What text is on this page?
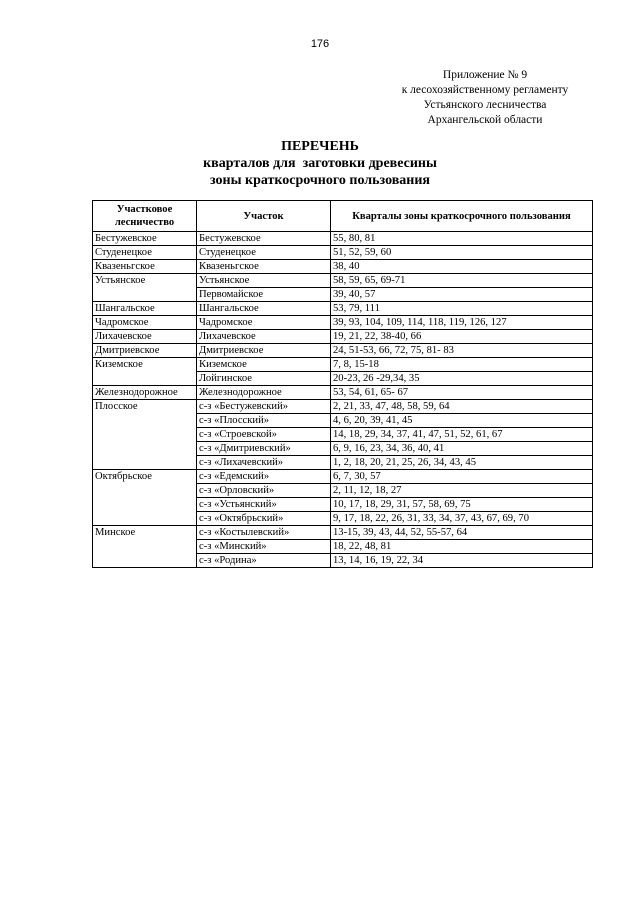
176
Приложение № 9
к лесохозяйственному регламенту
Устьянского лесничества
Архангельской области
ПЕРЕЧЕНЬ
кварталов для  заготовки древесины
зоны краткосрочного пользования
Участковое лесничество	Участок	Кварталы зоны краткосрочного пользования
Бестужевское	Бестужевское	55, 80, 81
Студенецкое	Студенецкое	51, 52, 59, 60
Квазеньгское	Квазеньгское	38, 40
Устьянское	Устьянское	58, 59, 65, 69-71
	Первомайское	39, 40, 57
Шангальское	Шангальское	53, 79, 111
Чадромское	Чадромское	39, 93, 104, 109, 114, 118, 119, 126, 127
Лихачевское	Лихачевское	19, 21, 22, 38-40, 66
Дмитриевское	Дмитриевское	24, 51-53, 66, 72, 75, 81- 83
Киземское	Киземское	7, 8, 15-18
	Лойгинское	20-23, 26 -29,34, 35
Железнодорожное	Железнодорожное	53, 54, 61, 65- 67
Плосское	с-з «Бестужевский»	2, 21, 33, 47, 48, 58, 59, 64
	с-з «Плосский»	4, 6, 20, 39, 41, 45
	с-з «Строевской»	14, 18, 29, 34, 37, 41, 47, 51, 52, 61, 67
	с-з «Дмитриевский»	6, 9, 16, 23, 34, 36, 40, 41
	с-з «Лихачевский»	1, 2, 18, 20, 21, 25, 26, 34, 43, 45
Октябрьское	с-з «Едемский»	6, 7, 30, 57
	с-з «Орловский»	2, 11, 12, 18, 27
	с-з «Устьянский»	10, 17, 18, 29, 31, 57, 58, 69, 75
	с-з «Октябрьский»	9, 17, 18, 22, 26, 31, 33, 34, 37, 43, 67, 69, 70
Минское	с-з «Костылевский»	13-15, 39, 43, 44, 52, 55-57, 64
	с-з «Минский»	18, 22, 48, 81
	с-з «Родина»	13, 14, 16, 19, 22, 34
